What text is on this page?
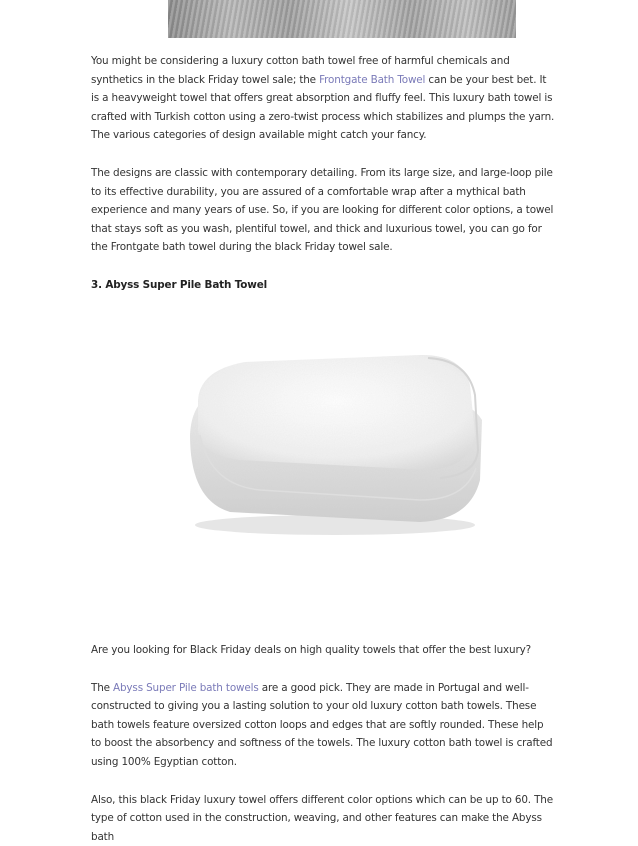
You might be considering a luxury cotton bath towel free of harmful chemicals and synthetics in the black Friday towel sale; the Frontgate Bath Towel can be your best bet. It is a heavyweight towel that offers great absorption and fluffy feel. This luxury bath towel is crafted with Turkish cotton using a zero-twist process which stabilizes and plumps the yarn. The various categories of design available might catch your fancy.

The designs are classic with contemporary detailing. From its large size, and large-loop pile to its effective durability, you are assured of a comfortable wrap after a mythical bath experience and many years of use. So, if you are looking for different color options, a towel that stays soft as you wash, plentiful towel, and thick and luxurious towel, you can go for the Frontgate bath towel during the black Friday towel sale.

3. Abyss Super Pile Bath Towel

Are you looking for Black Friday deals on high quality towels that offer the best luxury?

The Abyss Super Pile bath towels are a good pick. They are made in Portugal and well-constructed to giving you a lasting solution to your old luxury cotton bath towels. These bath towels feature oversized cotton loops and edges that are softly rounded. These help to boost the absorbency and softness of the towels. The luxury cotton bath towel is crafted using 100% Egyptian cotton.

Also, this black Friday luxury towel offers different color options which can be up to 60. The type of cotton used in the construction, weaving, and other features can make the Abyss bath
